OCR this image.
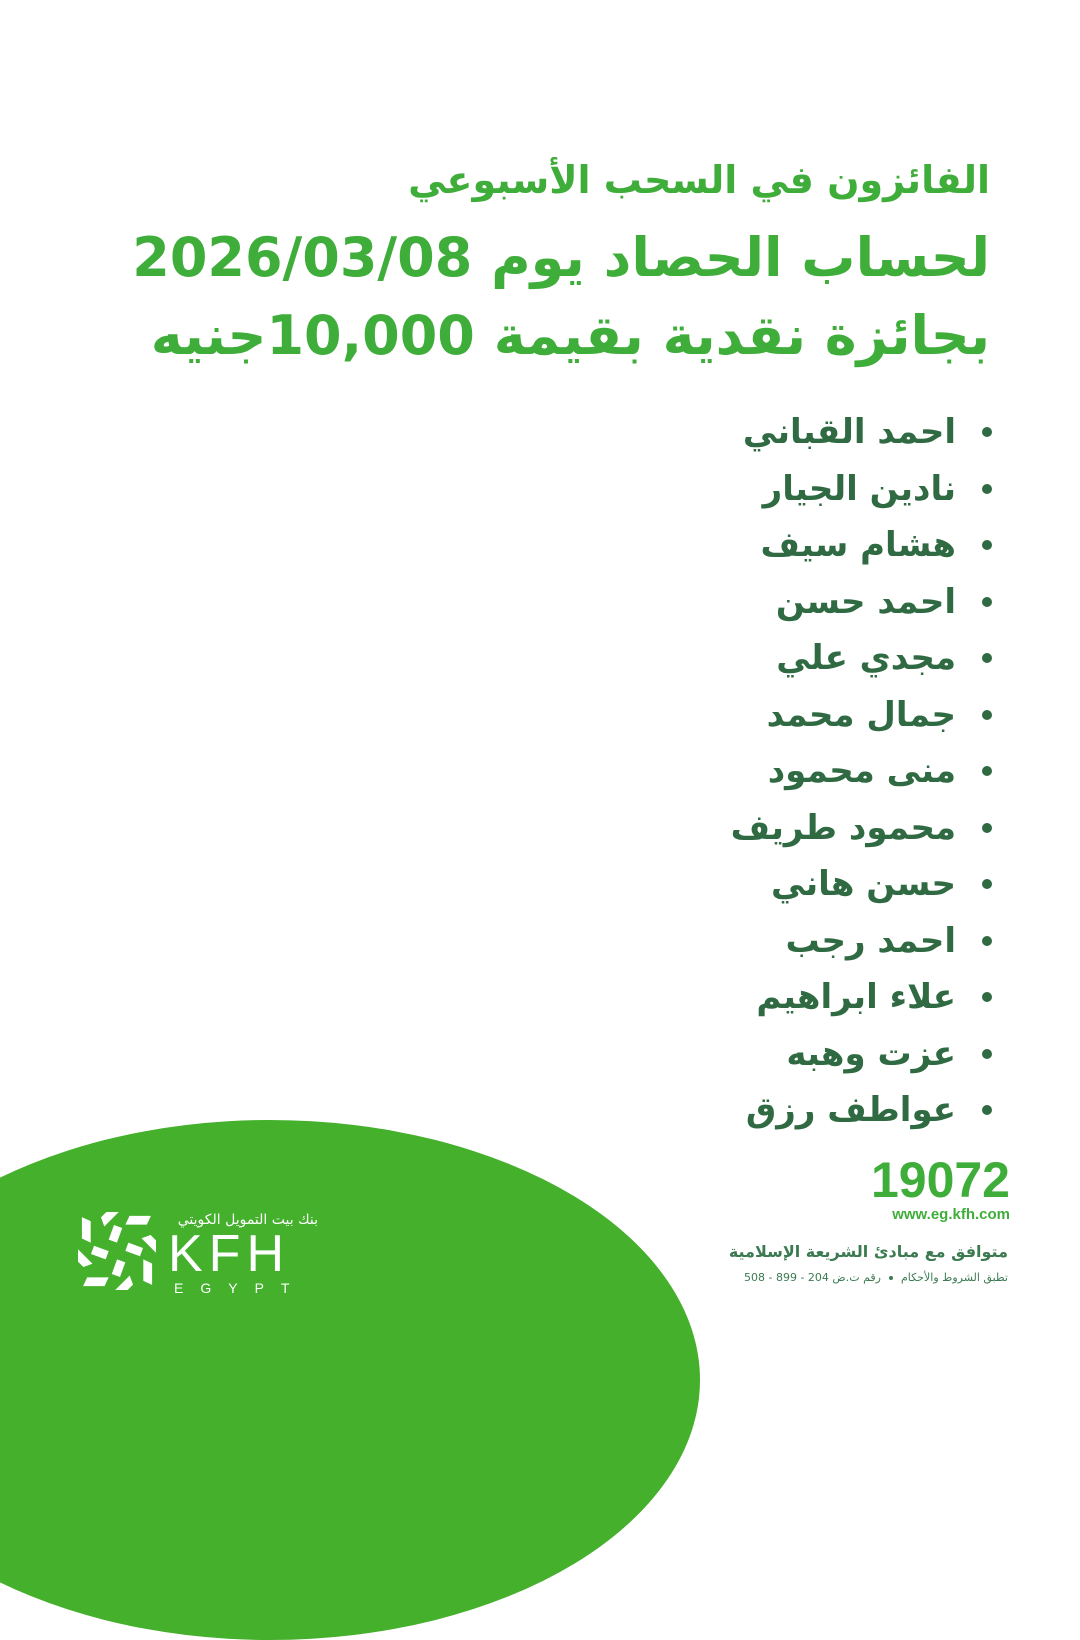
الفائزون في السحب الأسبوعي
لحساب الحصاد يوم 2026/03/08
بجائزة نقدية بقيمة 10,000جنيه
احمد القباني
نادين الجيار
هشام سيف
احمد حسن
مجدي علي
جمال محمد
منى محمود
محمود طريف
حسن هاني
احمد رجب
علاء ابراهيم
عزت وهبه
عواطف رزق
بنك بيت التمويل الكويتي
KFH
EGYPT
19072
www.eg.kfh.com
متوافق مع مبادئ الشريعة الإسلامية
تطبق الشروط والأحكامرقم ت.ض 508 - 899 - 204
